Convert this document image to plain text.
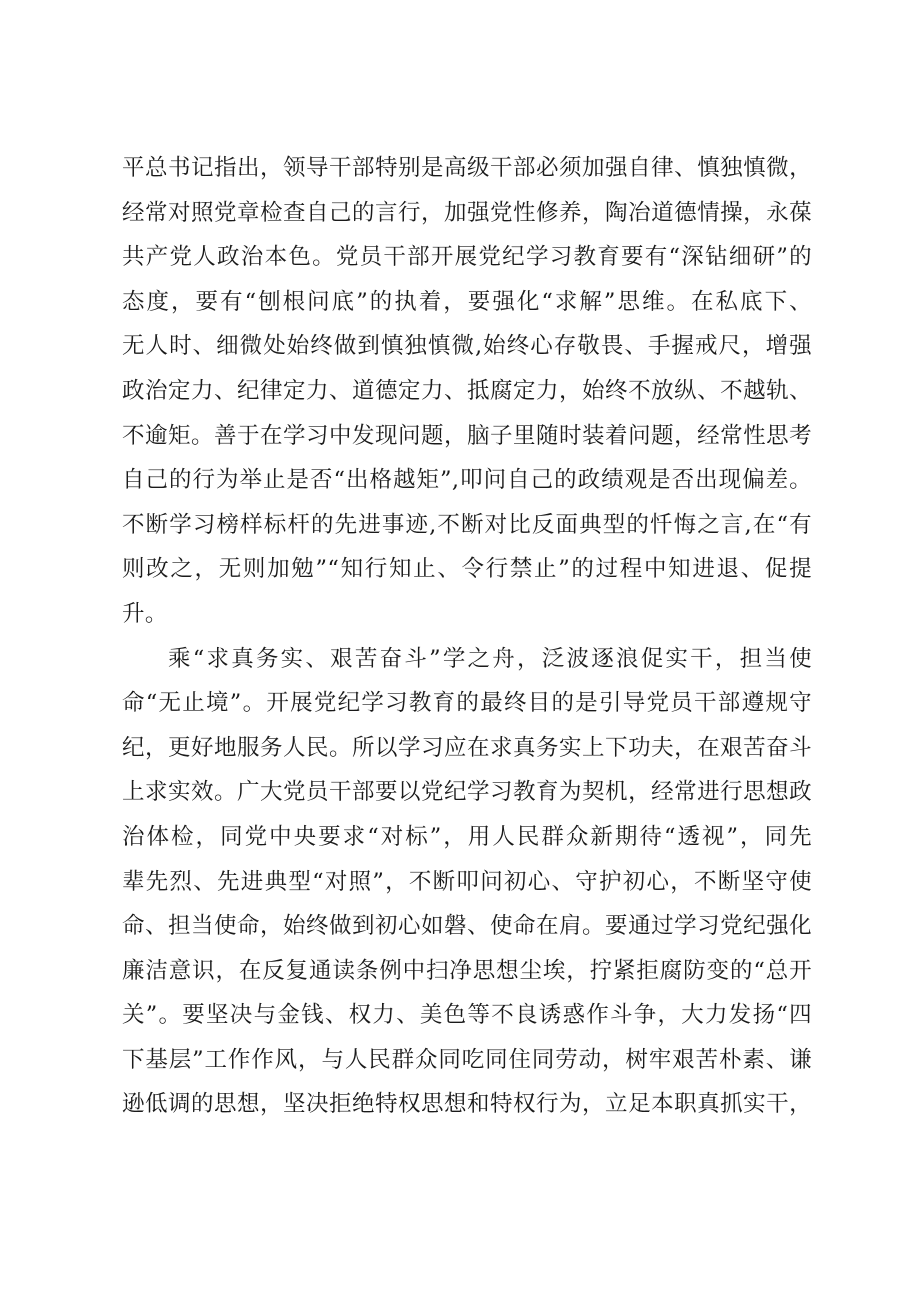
平总书记指出，领导干部特别是高级干部必须加强自律、慎独慎微，
经常对照党章检查自己的言行，加强党性修养，陶冶道德情操，永葆
共产党人政治本色。党员干部开展党纪学习教育要有“深钻细研”的
态度，要有“刨根问底”的执着，要强化“求解”思维。在私底下、
无人时、细微处始终做到慎独慎微,始终心存敬畏、手握戒尺，增强
政治定力、纪律定力、道德定力、抵腐定力，始终不放纵、不越轨、
不逾矩。善于在学习中发现问题，脑子里随时装着问题，经常性思考
自己的行为举止是否“出格越矩”,叩问自己的政绩观是否出现偏差。
不断学习榜样标杆的先进事迹,不断对比反面典型的忏悔之言,在“有
则改之，无则加勉”“知行知止、令行禁止”的过程中知进退、促提
升。
乘“求真务实、艰苦奋斗”学之舟，泛波逐浪促实干，担当使
命“无止境”。开展党纪学习教育的最终目的是引导党员干部遵规守
纪，更好地服务人民。所以学习应在求真务实上下功夫，在艰苦奋斗
上求实效。广大党员干部要以党纪学习教育为契机，经常进行思想政
治体检，同党中央要求“对标”，用人民群众新期待“透视”，同先
辈先烈、先进典型“对照”，不断叩问初心、守护初心，不断坚守使
命、担当使命，始终做到初心如磐、使命在肩。要通过学习党纪强化
廉洁意识，在反复通读条例中扫净思想尘埃，拧紧拒腐防变的“总开
关”。要坚决与金钱、权力、美色等不良诱惑作斗争，大力发扬“四
下基层”工作作风，与人民群众同吃同住同劳动，树牢艰苦朴素、谦
逊低调的思想，坚决拒绝特权思想和特权行为，立足本职真抓实干，
